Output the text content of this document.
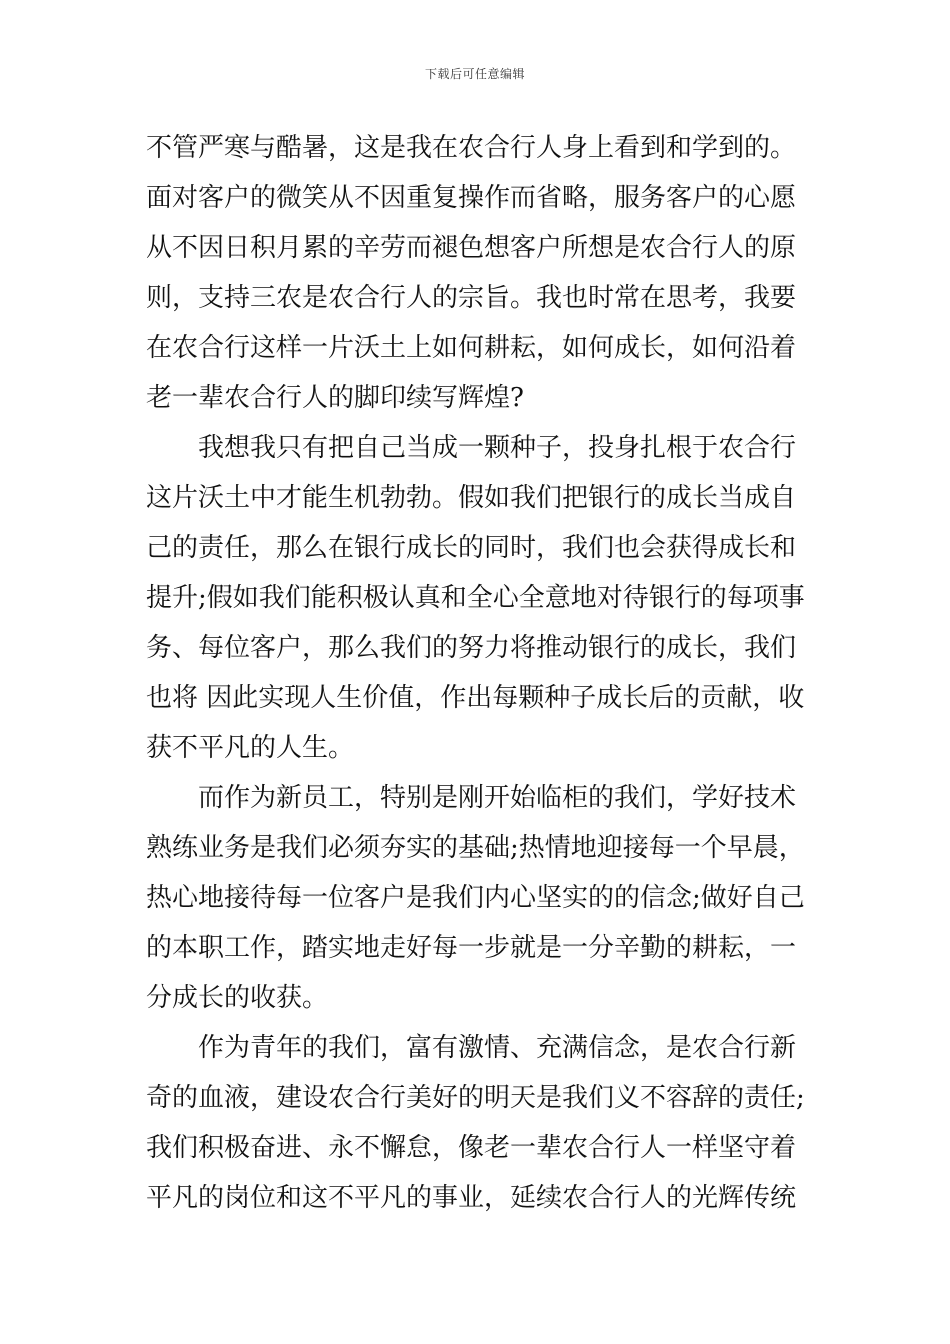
下载后可任意编辑
不管严寒与酷暑，这是我在农合行人身上看到和学到的。
面对客户的微笑从不因重复操作而省略，服务客户的心愿
从不因日积月累的辛劳而褪色想客户所想是农合行人的原
则，支持三农是农合行人的宗旨。我也时常在思考，我要
在农合行这样一片沃土上如何耕耘，如何成长，如何沿着
老一辈农合行人的脚印续写辉煌?
我想我只有把自己当成一颗种子，投身扎根于农合行
这片沃土中才能生机勃勃。假如我们把银行的成长当成自
己的责任，那么在银行成长的同时，我们也会获得成长和
提升;假如我们能积极认真和全心全意地对待银行的每项事
务、每位客户，那么我们的努力将推动银行的成长，我们
也将 因此实现人生价值，作出每颗种子成长后的贡献，收
获不平凡的人生。
而作为新员工，特别是刚开始临柜的我们，学好技术
熟练业务是我们必须夯实的基础;热情地迎接每一个早晨，
热心地接待每一位客户是我们内心坚实的的信念;做好自己
的本职工作，踏实地走好每一步就是一分辛勤的耕耘，一
分成长的收获。
作为青年的我们，富有激情、充满信念，是农合行新
奇的血液，建设农合行美好的明天是我们义不容辞的责任;
我们积极奋进、永不懈怠，像老一辈农合行人一样坚守着
平凡的岗位和这不平凡的事业，延续农合行人的光辉传统
